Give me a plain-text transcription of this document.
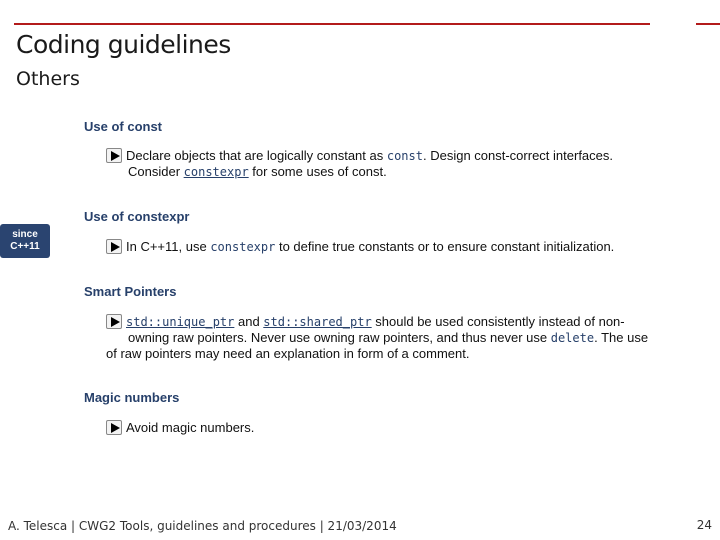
Coding guidelines
Others
Use of const
Declare objects that are logically constant as const. Design const-correct interfaces.
Consider constexpr for some uses of const.
Use of constexpr
since
C++11	In C++11, use constexpr to define true constants or to ensure constant initialization.
Smart Pointers
std::unique_ptr and std::shared_ptr should be used consistently instead of non-
owning raw pointers. Never use owning raw pointers, and thus never use delete. The use
of raw pointers may need an explanation in form of a comment.
Magic numbers
Avoid magic numbers.
A. Telesca | CWG2 Tools, guidelines and procedures | 21/03/2014	24
